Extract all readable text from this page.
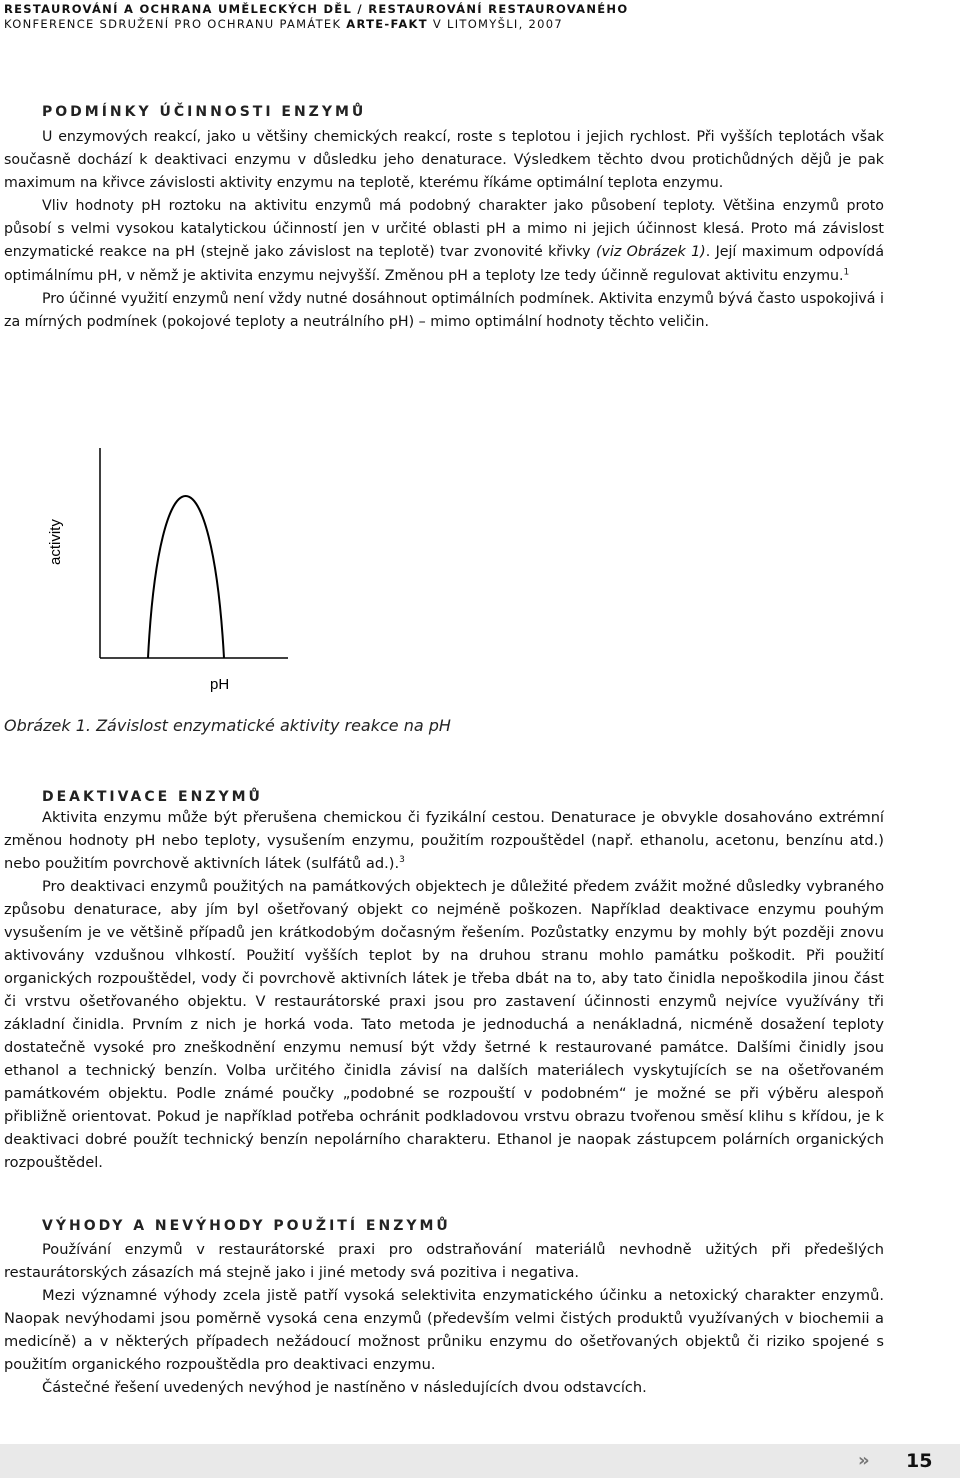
RESTAUROVÁNÍ A OCHRANA UMĚLECKÝCH DĚL / RESTAUROVÁNÍ RESTAUROVANÉHO
KONFERENCE SDRUŽENÍ PRO OCHRANU PAMÁTEK ARTE-FAKT V LITOMYŠLI, 2007
PODMÍNKY ÚČINNOSTI ENZYMŮ

U enzymových reakcí, jako u většiny chemických reakcí, roste s teplotou i jejich rychlost. Při vyšších teplotách však současně dochází k deaktivaci enzymu v důsledku jeho denaturace. Výsledkem těchto dvou protichůdných dějů je pak maximum na křivce závislosti aktivity enzymu na teplotě, kterému říkáme optimální teplota enzymu.

Vliv hodnoty pH roztoku na aktivitu enzymů má podobný charakter jako působení teploty. Většina enzymů proto působí s velmi vysokou katalytickou účinností jen v určité oblasti pH a mimo ni jejich účinnost klesá. Proto má závislost enzymatické reakce na pH (stejně jako závislost na teplotě) tvar zvonovité křivky (viz Obrázek 1). Její maximum odpovídá optimálnímu pH, v němž je aktivita enzymu nejvyšší. Změnou pH a teploty lze tedy účinně regulovat aktivitu enzymu.$^1$

Pro účinné využití enzymů není vždy nutné dosáhnout optimálních podmínek. Aktivita enzymů bývá často uspokojivá i za mírných podmínek (pokojové teploty a neutrálního pH) – mimo optimální hodnoty těchto veličin.

activity
pH
Obrázek 1. Závislost enzymatické aktivity reakce na pH
DEAKTIVACE ENZYMŮ

Aktivita enzymu může být přerušena chemickou či fyzikální cestou. Denaturace je obvykle dosahováno extrémní změnou hodnoty pH nebo teploty, vysušením enzymu, použitím rozpouštědel (např. ethanolu, acetonu, benzínu atd.) nebo použitím povrchově aktivních látek (sulfátů ad.).$^3$

Pro deaktivaci enzymů použitých na památkových objektech je důležité předem zvážit možné důsledky vybraného způsobu denaturace, aby jím byl ošetřovaný objekt co nejméně poškozen. Například deaktivace enzymu pouhým vysušením je ve většině případů jen krátkodobým dočasným řešením. Pozůstatky enzymu by mohly být později znovu aktivovány vzdušnou vlhkostí. Použití vyšších teplot by na druhou stranu mohlo památku poškodit. Při použití organických rozpouštědel, vody či povrchově aktivních látek je třeba dbát na to, aby tato činidla nepoškodila jinou část či vrstvu ošetřovaného objektu. V restaurátorské praxi jsou pro zastavení účinnosti enzymů nejvíce využívány tři základní činidla. Prvním z nich je horká voda. Tato metoda je jednoduchá a nenákladná, nicméně dosažení teploty dostatečně vysoké pro zneškodnění enzymu nemusí být vždy šetrné k restaurované památce. Dalšími činidly jsou ethanol a technický benzín. Volba určitého činidla závisí na dalších materiálech vyskytujících se na ošetřovaném památkovém objektu. Podle známé poučky „podobné se rozpouští v podobném“ je možné se při výběru alespoň přibližně orientovat. Pokud je například potřeba ochránit podkladovou vrstvu obrazu tvořenou směsí klihu s křídou, je k deaktivaci dobré použít technický benzín nepolárního charakteru. Ethanol je naopak zástupcem polárních organických rozpouštědel.

VÝHODY A NEVÝHODY POUŽITÍ ENZYMŮ

Používání enzymů v restaurátorské praxi pro odstraňování materiálů nevhodně užitých při předešlých restaurátorských zásazích má stejně jako i jiné metody svá pozitiva i negativa.

Mezi významné výhody zcela jistě patří vysoká selektivita enzymatického účinku a netoxický charakter enzymů. Naopak nevýhodami jsou poměrně vysoká cena enzymů (především velmi čistých produktů využívaných v biochemii a medicíně) a v některých případech nežádoucí možnost průniku enzymu do ošetřovaných objektů či riziko spojené s použitím organického rozpouštědla pro deaktivaci enzymu.

Částečné řešení uvedených nevýhod je nastíněno v následujících dvou odstavcích.

» 15
